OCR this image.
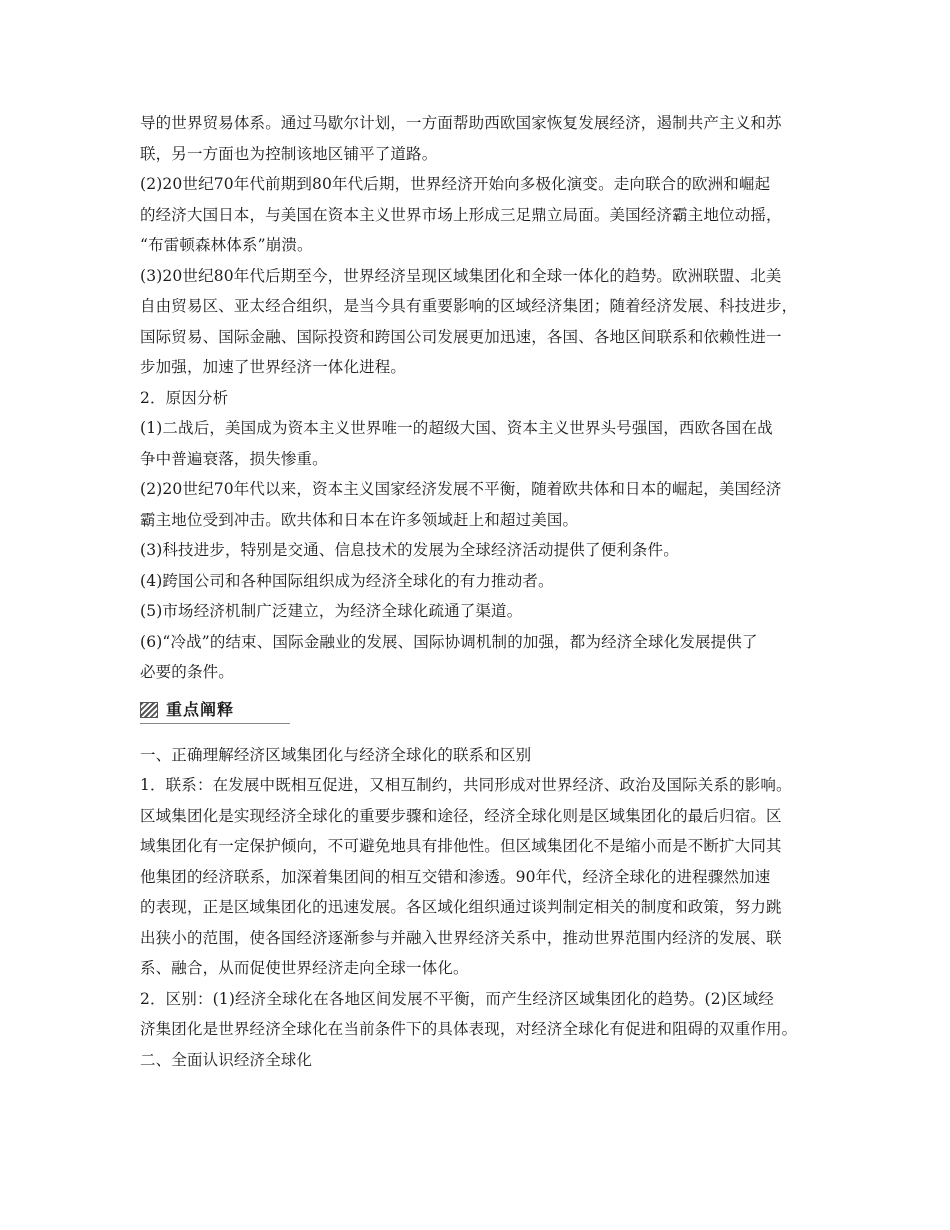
导的世界贸易体系。通过马歇尔计划，一方面帮助西欧国家恢复发展经济，遏制共产主义和苏
联，另一方面也为控制该地区铺平了道路。
(2)20世纪70年代前期到80年代后期，世界经济开始向多极化演变。走向联合的欧洲和崛起
的经济大国日本，与美国在资本主义世界市场上形成三足鼎立局面。美国经济霸主地位动摇，
“布雷顿森林体系”崩溃。
(3)20世纪80年代后期至今，世界经济呈现区域集团化和全球一体化的趋势。欧洲联盟、北美
自由贸易区、亚太经合组织，是当今具有重要影响的区域经济集团；随着经济发展、科技进步，
国际贸易、国际金融、国际投资和跨国公司发展更加迅速，各国、各地区间联系和依赖性进一
步加强，加速了世界经济一体化进程。
2．原因分析
(1)二战后，美国成为资本主义世界唯一的超级大国、资本主义世界头号强国，西欧各国在战
争中普遍衰落，损失惨重。
(2)20世纪70年代以来，资本主义国家经济发展不平衡，随着欧共体和日本的崛起，美国经济
霸主地位受到冲击。欧共体和日本在许多领域赶上和超过美国。
(3)科技进步，特别是交通、信息技术的发展为全球经济活动提供了便利条件。
(4)跨国公司和各种国际组织成为经济全球化的有力推动者。
(5)市场经济机制广泛建立，为经济全球化疏通了渠道。
(6)“冷战”的结束、国际金融业的发展、国际协调机制的加强，都为经济全球化发展提供了
必要的条件。
重点阐释
一、正确理解经济区域集团化与经济全球化的联系和区别
1．联系：在发展中既相互促进，又相互制约，共同形成对世界经济、政治及国际关系的影响。
区域集团化是实现经济全球化的重要步骤和途径，经济全球化则是区域集团化的最后归宿。区
域集团化有一定保护倾向，不可避免地具有排他性。但区域集团化不是缩小而是不断扩大同其
他集团的经济联系，加深着集团间的相互交错和渗透。90年代，经济全球化的进程骤然加速
的表现，正是区域集团化的迅速发展。各区域化组织通过谈判制定相关的制度和政策，努力跳
出狭小的范围，使各国经济逐渐参与并融入世界经济关系中，推动世界范围内经济的发展、联
系、融合，从而促使世界经济走向全球一体化。
2．区别：(1)经济全球化在各地区间发展不平衡，而产生经济区域集团化的趋势。(2)区域经
济集团化是世界经济全球化在当前条件下的具体表现，对经济全球化有促进和阻碍的双重作用。
二、全面认识经济全球化
